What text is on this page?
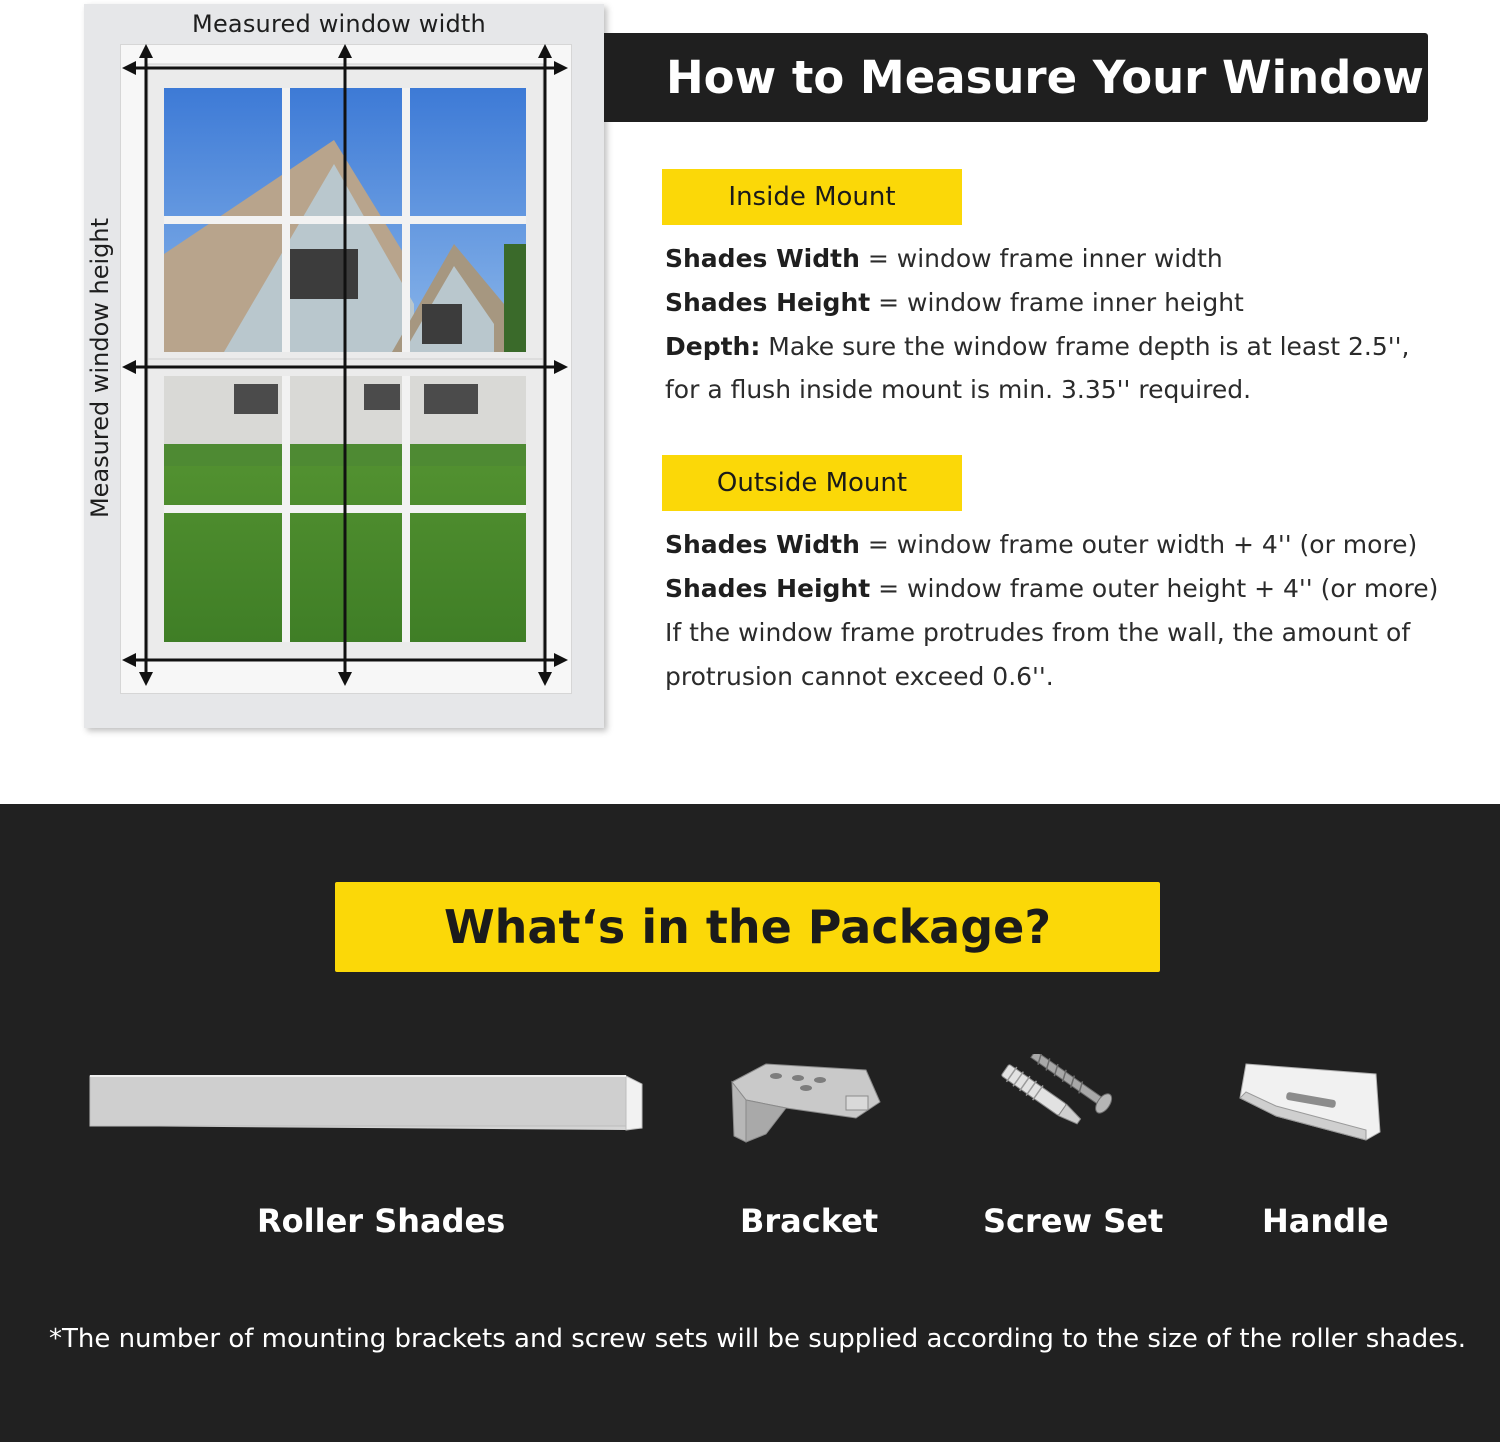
Measured window width
Measured window height
How to Measure Your Window
Inside Mount
Shades Width = window frame inner width
Shades Height = window frame inner height
Depth: Make sure the window frame depth is at least 2.5'',
for a flush inside mount is min. 3.35'' required.
Outside Mount
Shades Width = window frame outer width + 4'' (or more)
Shades Height = window frame outer height + 4'' (or more)
If the window frame protrudes from the wall, the amount of
protrusion cannot exceed 0.6''.
What‘s in the Package?
Roller Shades	Bracket	Screw Set	Handle
*The number of mounting brackets and screw sets will be supplied according to the size of the roller shades.
